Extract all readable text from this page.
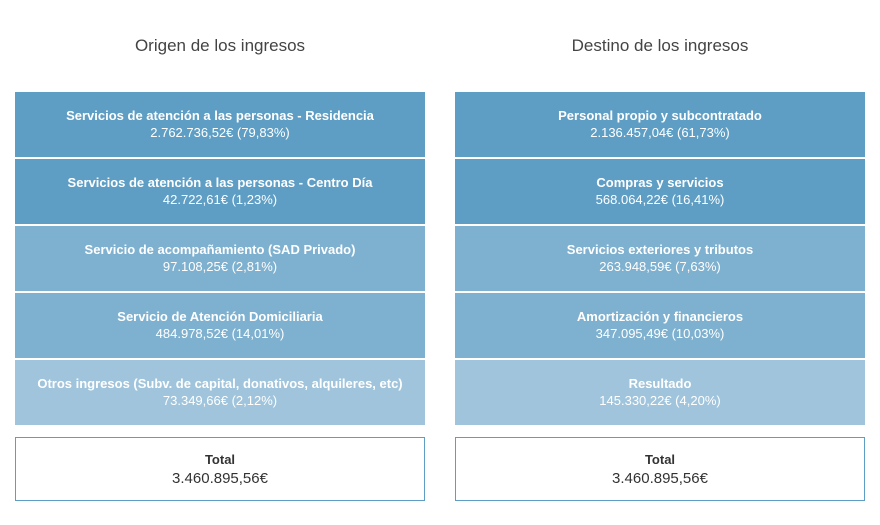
Origen de los ingresos
Servicios de atención a las personas - Residencia
2.762.736,52€ (79,83%)
Servicios de atención a las personas - Centro Día
42.722,61€ (1,23%)
Servicio de acompañamiento (SAD Privado)
97.108,25€ (2,81%)
Servicio de Atención Domiciliaria
484.978,52€ (14,01%)
Otros ingresos (Subv. de capital, donativos, alquileres, etc)
73.349,66€ (2,12%)
Total
3.460.895,56€
Destino de los ingresos
Personal propio y subcontratado
2.136.457,04€ (61,73%)
Compras y servicios
568.064,22€ (16,41%)
Servicios exteriores y tributos
263.948,59€ (7,63%)
Amortización y financieros
347.095,49€ (10,03%)
Resultado
145.330,22€ (4,20%)
Total
3.460.895,56€
